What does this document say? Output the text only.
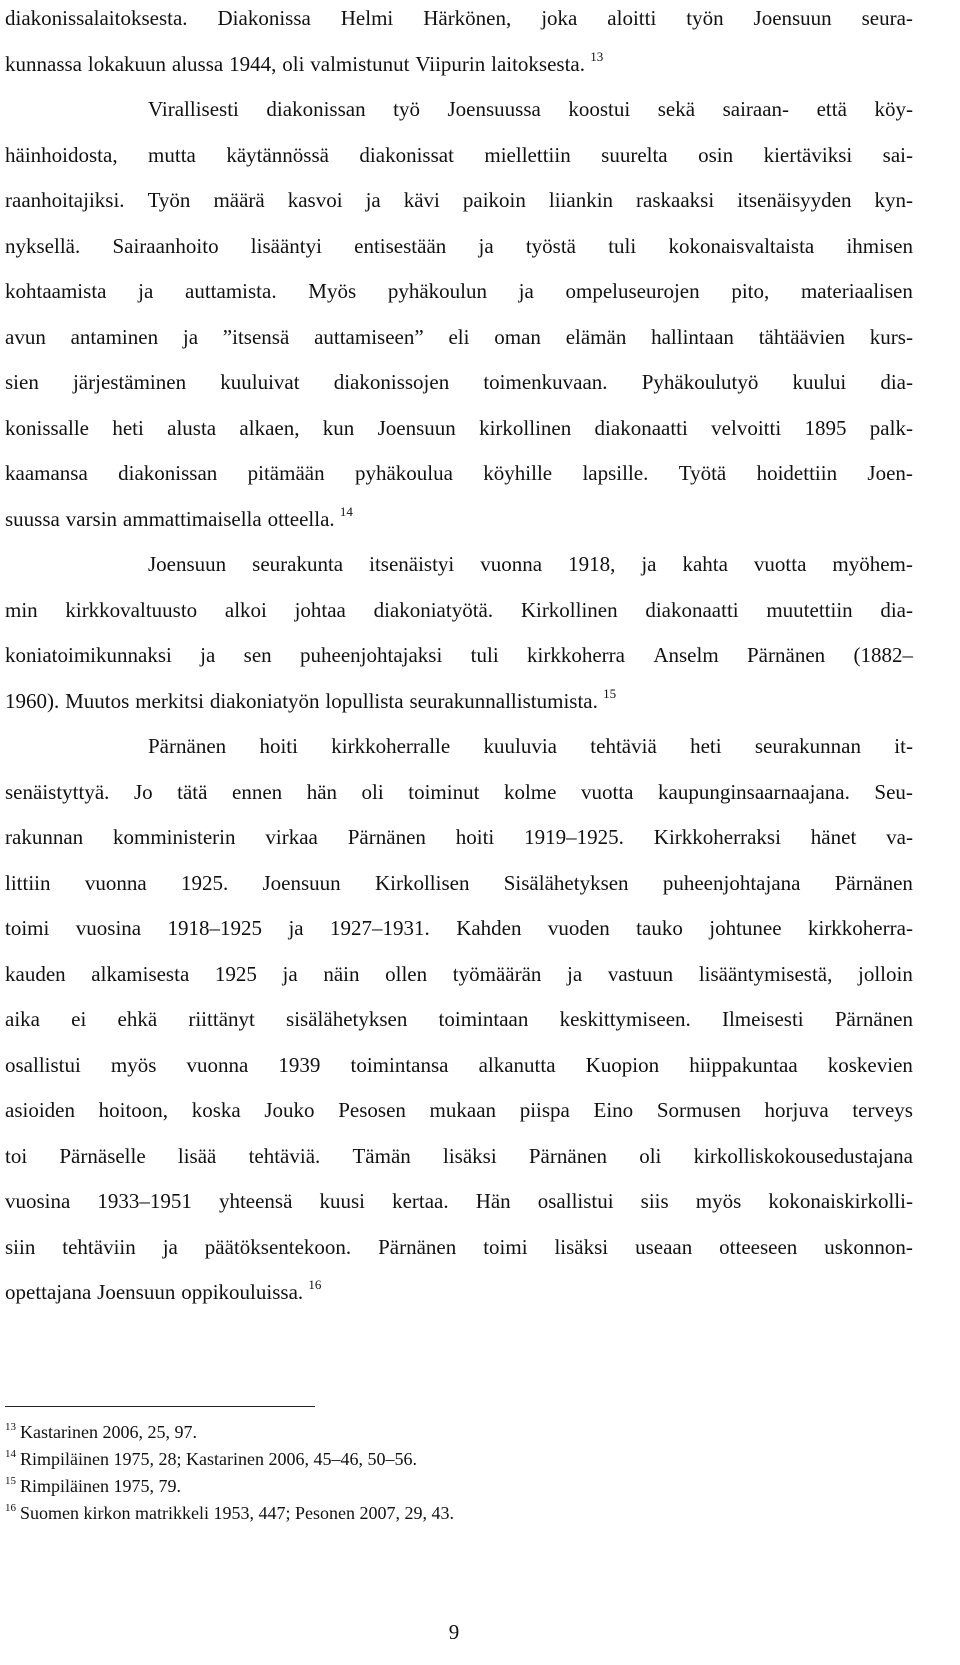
diakonissalaitoksesta. Diakonissa Helmi Härkönen, joka aloitti työn Joensuun seura-
kunnassa lokakuun alussa 1944, oli valmistunut Viipurin laitoksesta. $^{13}$
Virallisesti diakonissan työ Joensuussa koostui sekä sairaan- että köy-
häinhoidosta, mutta käytännössä diakonissat miellettiin suurelta osin kiertäviksi sai-
raanhoitajiksi. Työn määrä kasvoi ja kävi paikoin liiankin raskaaksi itsenäisyyden kyn-
nyksellä. Sairaanhoito lisääntyi entisestään ja työstä tuli kokonaisvaltaista ihmisen
kohtaamista ja auttamista. Myös pyhäkoulun ja ompeluseurojen pito, materiaalisen
avun antaminen ja ”itsensä auttamiseen” eli oman elämän hallintaan tähtäävien kurs-
sien järjestäminen kuuluivat diakonissojen toimenkuvaan. Pyhäkoulutyö kuului dia-
konissalle heti alusta alkaen, kun Joensuun kirkollinen diakonaatti velvoitti 1895 palk-
kaamansa diakonissan pitämään pyhäkoulua köyhille lapsille. Työtä hoidettiin Joen-
suussa varsin ammattimaisella otteella. $^{14}$
Joensuun seurakunta itsenäistyi vuonna 1918, ja kahta vuotta myöhem-
min kirkkovaltuusto alkoi johtaa diakoniatyötä. Kirkollinen diakonaatti muutettiin dia-
koniatoimikunnaksi ja sen puheenjohtajaksi tuli kirkkoherra Anselm Pärnänen (1882–
1960). Muutos merkitsi diakoniatyön lopullista seurakunnallistumista. $^{15}$
Pärnänen hoiti kirkkoherralle kuuluvia tehtäviä heti seurakunnan it-
senäistyttyä. Jo tätä ennen hän oli toiminut kolme vuotta kaupunginsaarnaajana. Seu-
rakunnan komministerin virkaa Pärnänen hoiti 1919–1925. Kirkkoherraksi hänet va-
littiin vuonna 1925. Joensuun Kirkollisen Sisälähetyksen puheenjohtajana Pärnänen
toimi vuosina 1918–1925 ja 1927–1931. Kahden vuoden tauko johtunee kirkkoherra-
kauden alkamisesta 1925 ja näin ollen työmäärän ja vastuun lisääntymisestä, jolloin
aika ei ehkä riittänyt sisälähetyksen toimintaan keskittymiseen. Ilmeisesti Pärnänen
osallistui myös vuonna 1939 toimintansa alkanutta Kuopion hiippakuntaa koskevien
asioiden hoitoon, koska Jouko Pesosen mukaan piispa Eino Sormusen horjuva terveys
toi Pärnäselle lisää tehtäviä. Tämän lisäksi Pärnänen oli kirkolliskokousedustajana
vuosina 1933–1951 yhteensä kuusi kertaa. Hän osallistui siis myös kokonaiskirkolli-
siin tehtäviin ja päätöksentekoon. Pärnänen toimi lisäksi useaan otteeseen uskonnon-
opettajana Joensuun oppikouluissa. $^{16}$
$^{13}$ Kastarinen 2006, 25, 97.
$^{14}$ Rimpiläinen 1975, 28; Kastarinen 2006, 45–46, 50–56.
$^{15}$ Rimpiläinen 1975, 79.
$^{16}$ Suomen kirkon matrikkeli 1953, 447; Pesonen 2007, 29, 43.
9
